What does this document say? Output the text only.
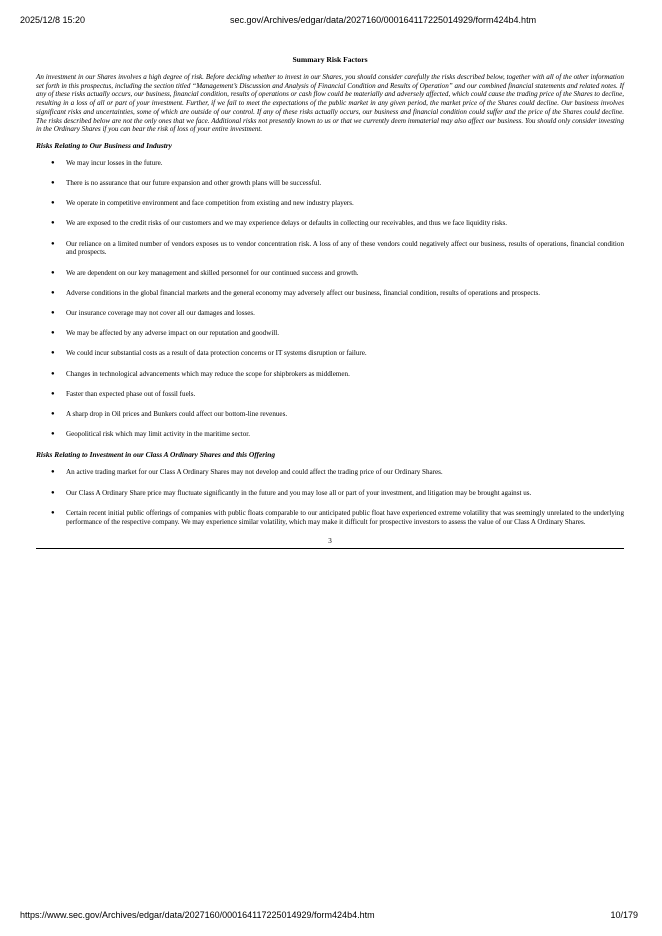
2025/12/8 15:20	sec.gov/Archives/edgar/data/2027160/000164117225014929/form424b4.htm
Summary Risk Factors

An investment in our Shares involves a high degree of risk. Before deciding whether to invest in our Shares, you should consider carefully the risks described below, together with all of the other information set forth in this prospectus, including the section titled “Management’s Discussion and Analysis of Financial Condition and Results of Operation” and our combined financial statements and related notes. If any of these risks actually occurs, our business, financial condition, results of operations or cash flow could be materially and adversely affected, which could cause the trading price of the Shares to decline, resulting in a loss of all or part of your investment. Further, if we fail to meet the expectations of the public market in any given period, the market price of the Shares could decline. Our business involves significant risks and uncertainties, some of which are outside of our control. If any of these risks actually occurs, our business and financial condition could suffer and the price of the Shares could decline. The risks described below are not the only ones that we face. Additional risks not presently known to us or that we currently deem immaterial may also affect our business. You should only consider investing in the Ordinary Shares if you can bear the risk of loss of your entire investment.

Risks Relating to Our Business and Industry
● We may incur losses in the future.
● There is no assurance that our future expansion and other growth plans will be successful.
● We operate in competitive environment and face competition from existing and new industry players.
● We are exposed to the credit risks of our customers and we may experience delays or defaults in collecting our receivables, and thus we face liquidity risks.
● Our reliance on a limited number of vendors exposes us to vendor concentration risk. A loss of any of these vendors could negatively affect our business, results of operations, financial condition and prospects.
● We are dependent on our key management and skilled personnel for our continued success and growth.
● Adverse conditions in the global financial markets and the general economy may adversely affect our business, financial condition, results of operations and prospects.
● Our insurance coverage may not cover all our damages and losses.
● We may be affected by any adverse impact on our reputation and goodwill.
● We could incur substantial costs as a result of data protection concerns or IT systems disruption or failure.
● Changes in technological advancements which may reduce the scope for shipbrokers as middlemen.
● Faster than expected phase out of fossil fuels.
● A sharp drop in Oil prices and Bunkers could affect our bottom-line revenues.
● Geopolitical risk which may limit activity in the maritime sector.
Risks Relating to Investment in our Class A Ordinary Shares and this Offering
● An active trading market for our Class A Ordinary Shares may not develop and could affect the trading price of our Ordinary Shares.
● Our Class A Ordinary Share price may fluctuate significantly in the future and you may lose all or part of your investment, and litigation may be brought against us.
● Certain recent initial public offerings of companies with public floats comparable to our anticipated public float have experienced extreme volatility that was seemingly unrelated to the underlying performance of the respective company. We may experience similar volatility, which may make it difficult for prospective investors to assess the value of our Class A Ordinary Shares.
3
https://www.sec.gov/Archives/edgar/data/2027160/000164117225014929/form424b4.htm	10/179
